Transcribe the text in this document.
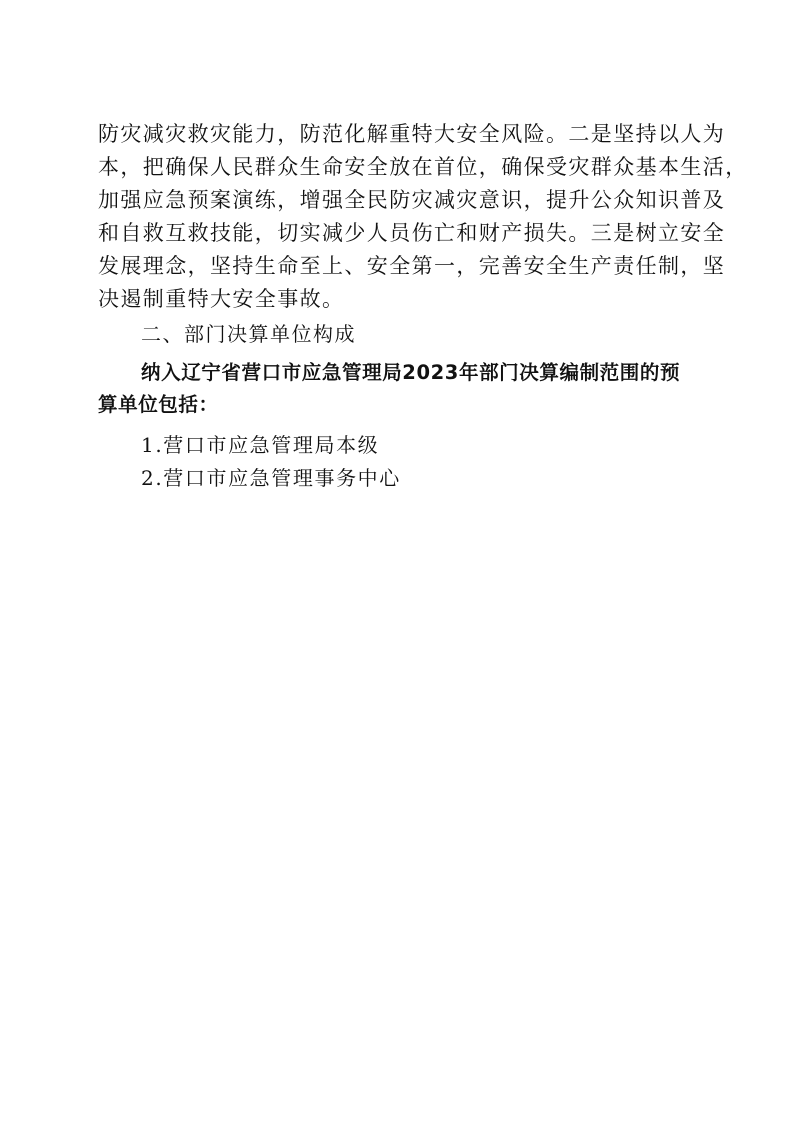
防灾减灾救灾能力，防范化解重特大安全风险。二是坚持以人为
本，把确保人民群众生命安全放在首位，确保受灾群众基本生活，
加强应急预案演练，增强全民防灾减灾意识，提升公众知识普及
和自救互救技能，切实减少人员伤亡和财产损失。三是树立安全
发展理念，坚持生命至上、安全第一，完善安全生产责任制，坚
决遏制重特大安全事故。
二、部门决算单位构成
纳入辽宁省营口市应急管理局2023年部门决算编制范围的预
算单位包括：
1.营口市应急管理局本级
2.营口市应急管理事务中心
